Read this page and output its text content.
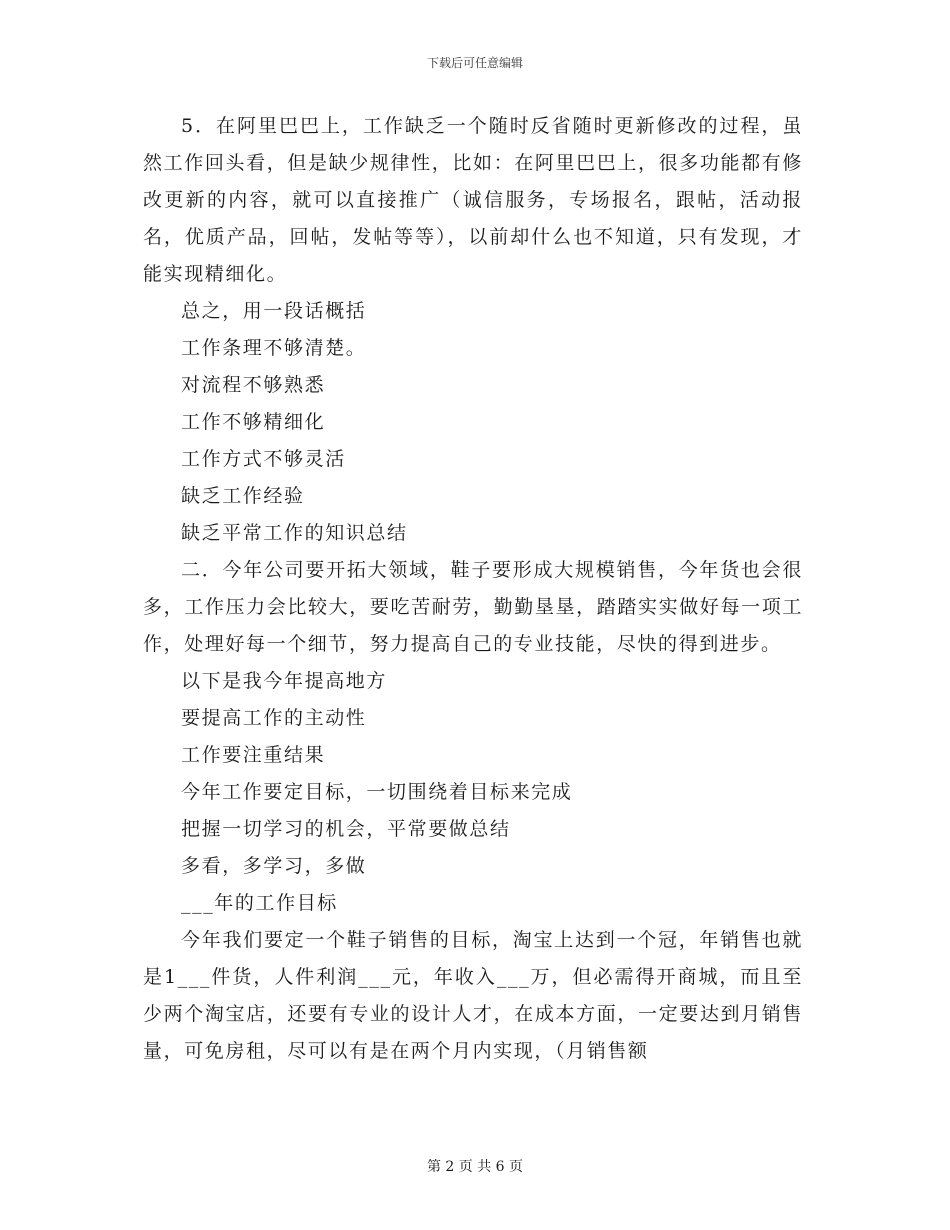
下载后可任意编辑

5．在阿里巴巴上，工作缺乏一个随时反省随时更新修改的过程，虽然工作回头看，但是缺少规律性，比如：在阿里巴巴上，很多功能都有修改更新的内容，就可以直接推广（诚信服务，专场报名，跟帖，活动报名，优质产品，回帖，发帖等等），以前却什么也不知道，只有发现，才能实现精细化。

总之，用一段话概括

工作条理不够清楚。

对流程不够熟悉

工作不够精细化

工作方式不够灵活

缺乏工作经验

缺乏平常工作的知识总结

二．今年公司要开拓大领域，鞋子要形成大规模销售，今年货也会很多，工作压力会比较大，要吃苦耐劳，勤勤垦垦，踏踏实实做好每一项工作，处理好每一个细节，努力提高自己的专业技能，尽快的得到进步。

以下是我今年提高地方

要提高工作的主动性

工作要注重结果

今年工作要定目标，一切围绕着目标来完成

把握一切学习的机会，平常要做总结

多看，多学习，多做

___年的工作目标

今年我们要定一个鞋子销售的目标，淘宝上达到一个冠，年销售也就是1___件货，人件利润___元，年收入___万，但必需得开商城，而且至少两个淘宝店，还要有专业的设计人才，在成本方面，一定要达到月销售量，可免房租，尽可以有是在两个月内实现，（月销售额

第 2 页 共 6 页
